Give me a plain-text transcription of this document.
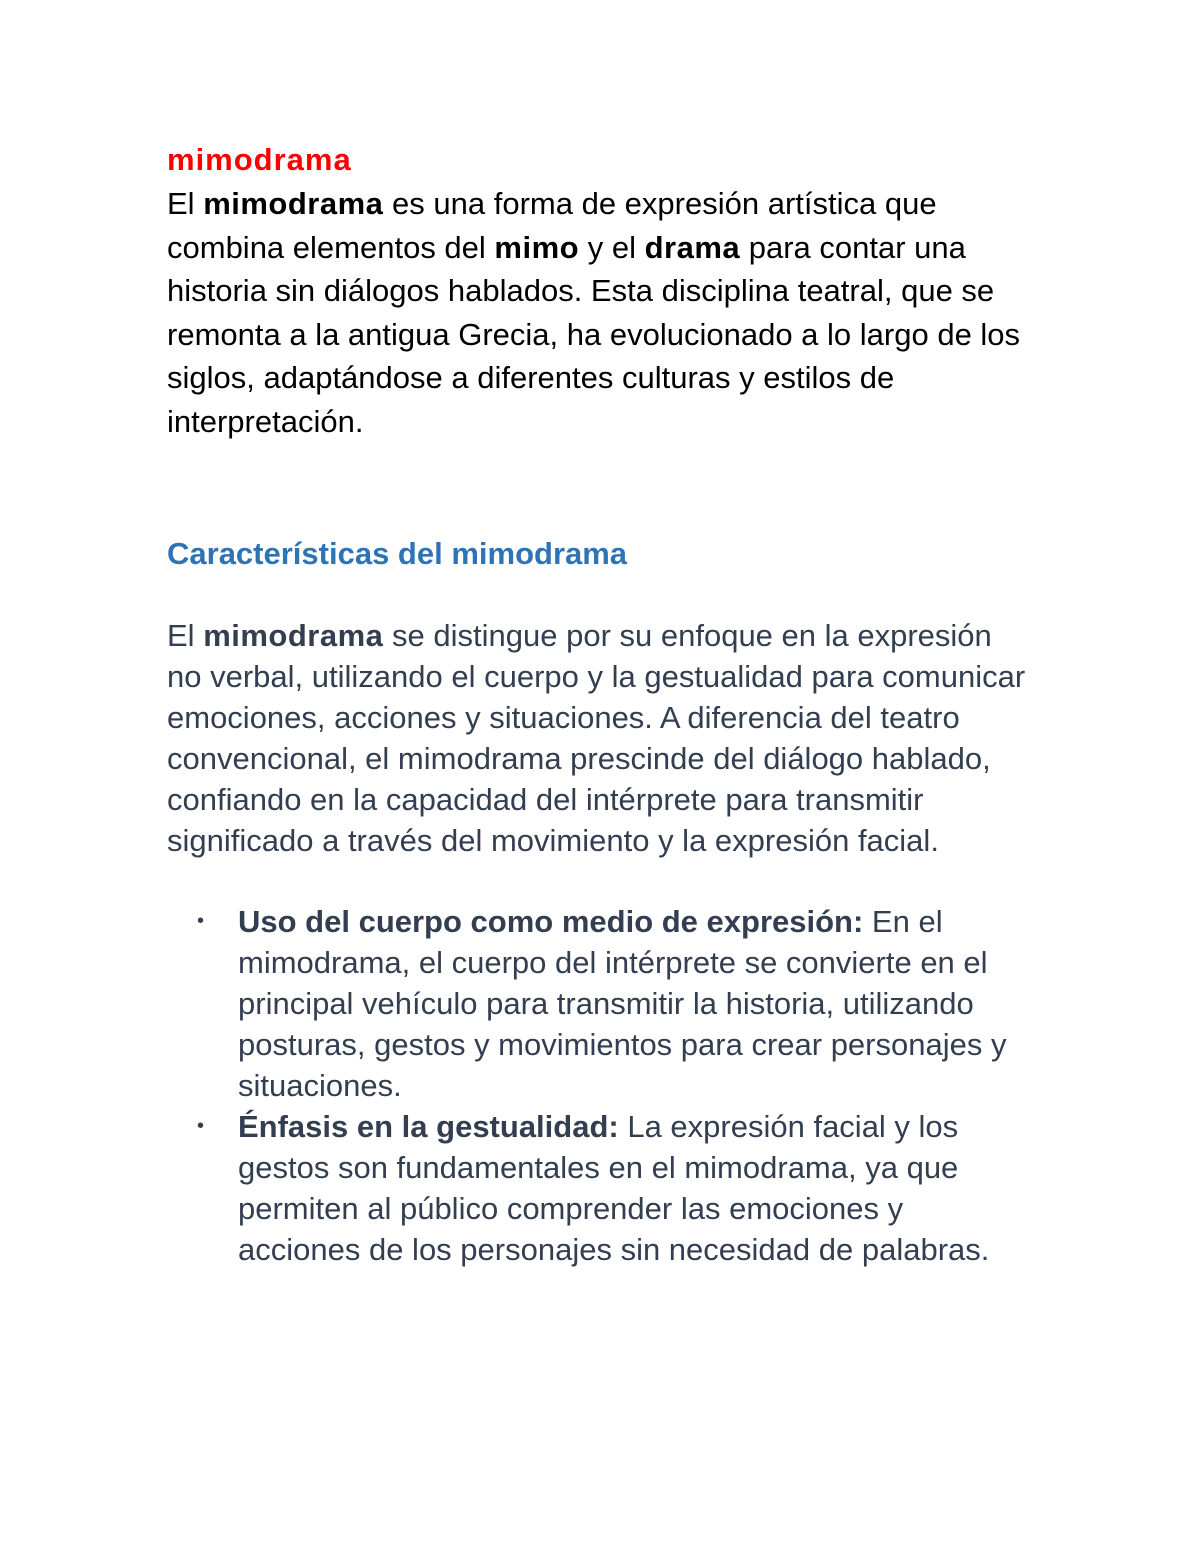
mimodrama

El mimodrama es una forma de expresión artística que combina elementos del mimo y el drama para contar una historia sin diálogos hablados. Esta disciplina teatral, que se remonta a la antigua Grecia, ha evolucionado a lo largo de los siglos, adaptándose a diferentes culturas y estilos de interpretación.

Características del mimodrama

El mimodrama se distingue por su enfoque en la expresión no verbal, utilizando el cuerpo y la gestualidad para comunicar emociones, acciones y situaciones. A diferencia del teatro convencional, el mimodrama prescinde del diálogo hablado, confiando en la capacidad del intérprete para transmitir significado a través del movimiento y la expresión facial.

• Uso del cuerpo como medio de expresión: En el mimodrama, el cuerpo del intérprete se convierte en el principal vehículo para transmitir la historia, utilizando posturas, gestos y movimientos para crear personajes y situaciones.
• Énfasis en la gestualidad: La expresión facial y los gestos son fundamentales en el mimodrama, ya que permiten al público comprender las emociones y acciones de los personajes sin necesidad de palabras.
